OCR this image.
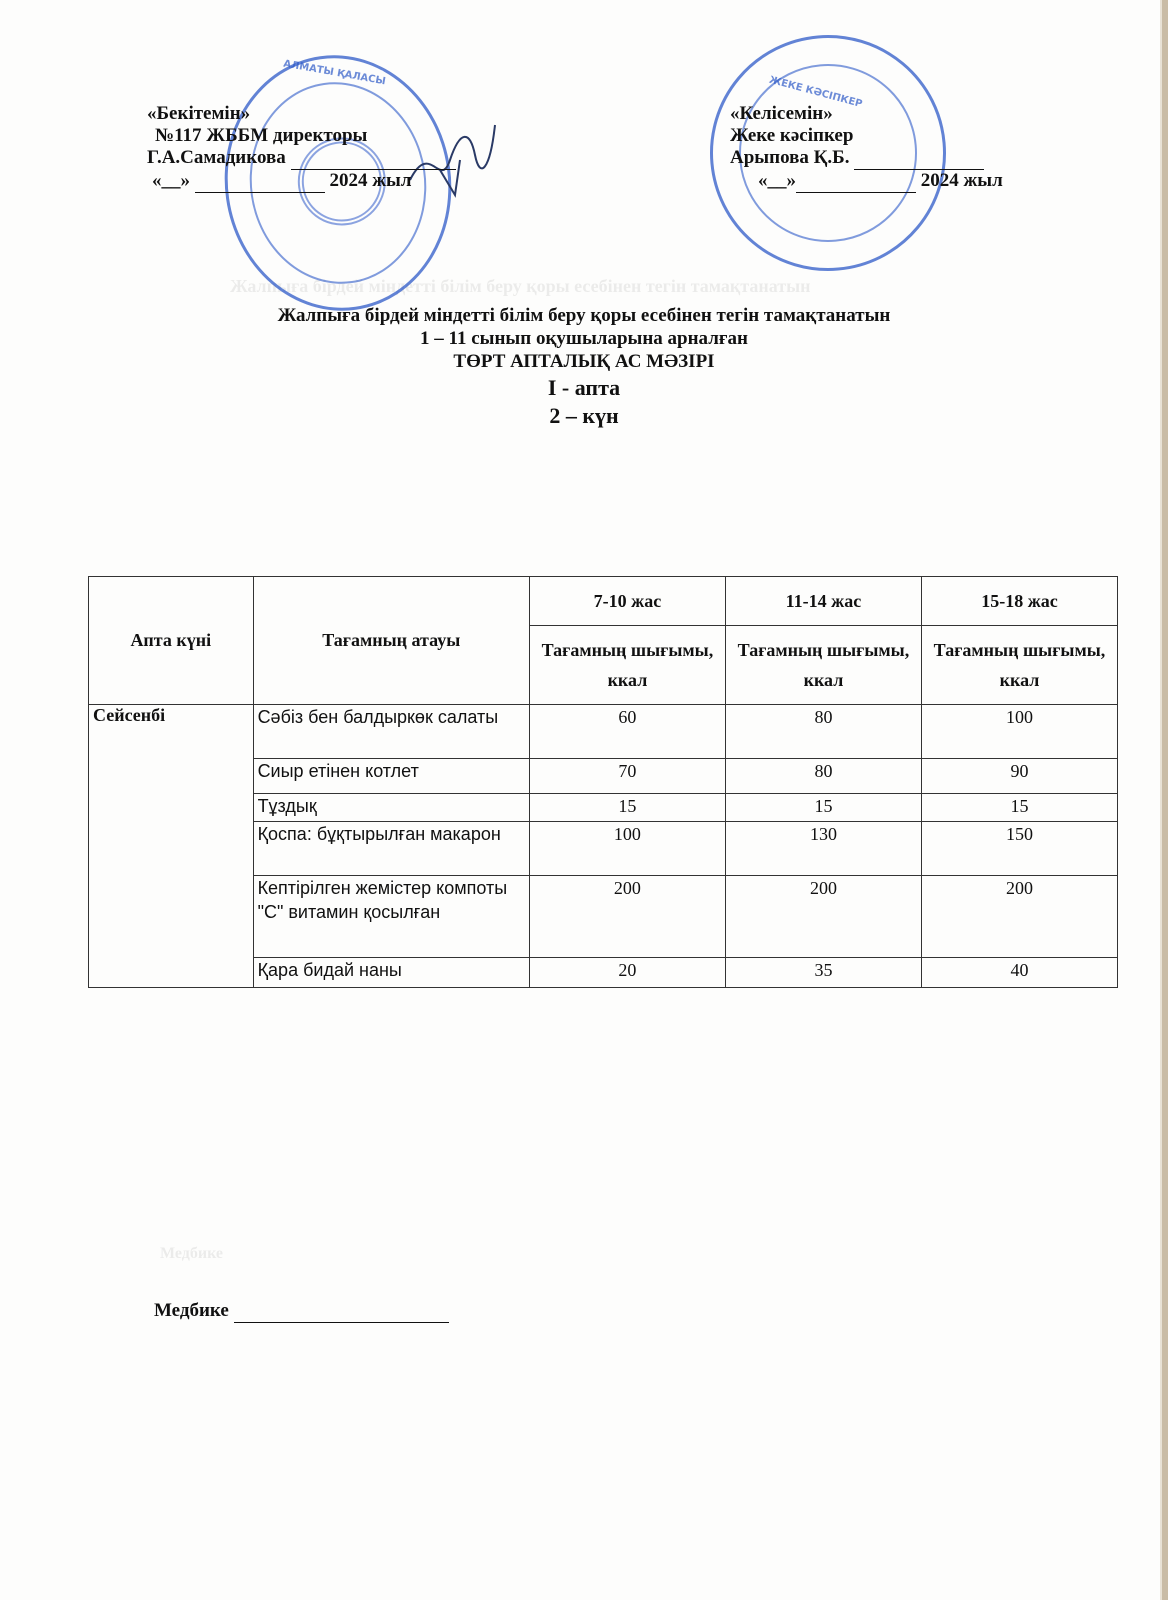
Жалпыға бірдей міндетті білім беру қоры есебінен тегін тамақтанатын
Медбике
АЛМАТЫ ҚАЛАСЫ
ЖЕКЕ КӘСІПКЕР
«Бекітемін»
№117 ЖББМ директоры
Г.А.Самадикова
«__»	2024 жыл
«Келісемін»
Жеке кәсіпкер
Арыпова Қ.Б.
«__»	2024 жыл
Жалпыға бірдей міндетті білім беру қоры есебінен тегін тамақтанатын
1 – 11 сынып оқушыларына арналған
ТӨРТ АПТАЛЫҚ АС МӘЗІРІ
I - апта
2 – күн
Апта күні	Тағамның атауы	7-10 жас	11-14 жас	15-18 жас
		Тағамның шығымы, ккал	Тағамның шығымы, ккал	Тағамның шығымы, ккал
Сейсенбі	Сәбіз бен балдыркөк салаты	60	80	100
	Сиыр етінен котлет	70	80	90
	Тұздық	15	15	15
	Қоспа: бұқтырылған макарон	100	130	150
	Кептірілген жемістер компоты "С" витамин қосылған	200	200	200
	Қара бидай наны	20	35	40
Медбике
